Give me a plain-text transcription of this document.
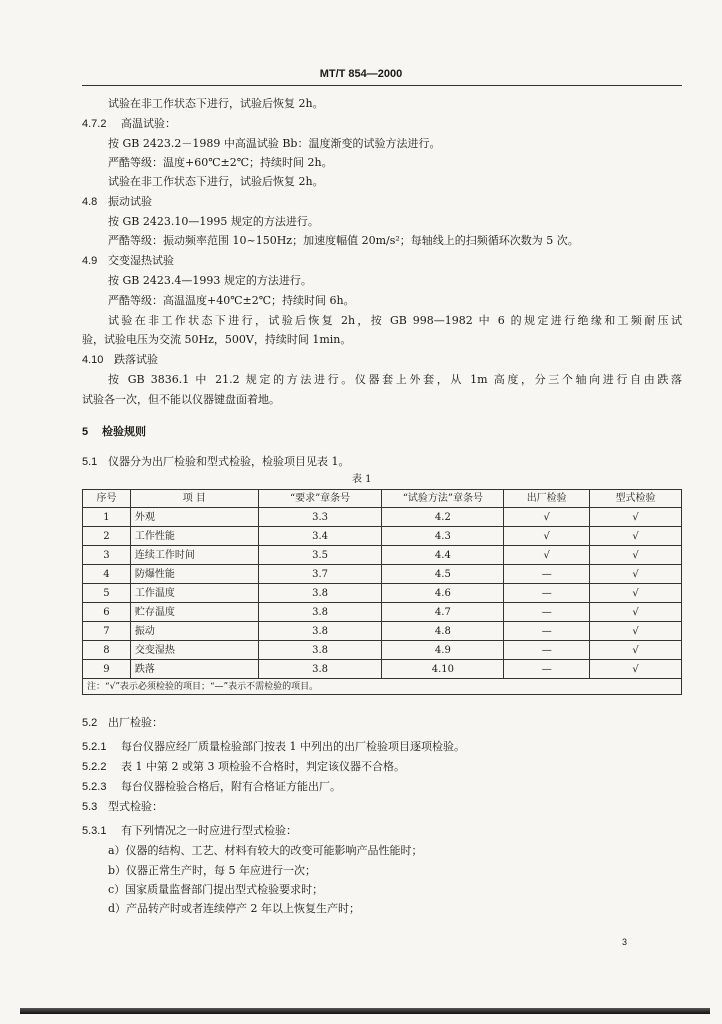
MT/T 854—2000
试验在非工作状态下进行，试验后恢复 2h。
4.7.2 高温试验：
按 GB 2423.2－1989 中高温试验 Bb：温度渐变的试验方法进行。
严酷等级：温度+60℃±2℃；持续时间 2h。
试验在非工作状态下进行，试验后恢复 2h。
4.8 振动试验
按 GB 2423.10—1995 规定的方法进行。
严酷等级：振动频率范围 10~150Hz；加速度幅值 20m/s²；每轴线上的扫频循环次数为 5 次。
4.9 交变湿热试验
按 GB 2423.4—1993 规定的方法进行。
严酷等级：高温温度+40℃±2℃；持续时间 6h。
试验在非工作状态下进行，试验后恢复 2h，按 GB 998—1982 中 6 的规定进行绝缘和工频耐压试
验，试验电压为交流 50Hz，500V，持续时间 1min。
4.10 跌落试验
按 GB 3836.1 中 21.2 规定的方法进行。仪器套上外套，从 1m 高度，分三个轴向进行自由跌落
试验各一次，但不能以仪器键盘面着地。
5 检验规则
5.1 仪器分为出厂检验和型式检验，检验项目见表 1。
表 1
序号	项 目	“要求”章条号	“试验方法”章条号	出厂检验	型式检验
1	外观	3.3	4.2	√	√
2	工作性能	3.4	4.3	√	√
3	连续工作时间	3.5	4.4	√	√
4	防爆性能	3.7	4.5	—	√
5	工作温度	3.8	4.6	—	√
6	贮存温度	3.8	4.7	—	√
7	振动	3.8	4.8	—	√
8	交变湿热	3.8	4.9	—	√
9	跌落	3.8	4.10	—	√
注：“√”表示必须检验的项目；“—”表示不需检验的项目。					
5.2 出厂检验：
5.2.1 每台仪器应经厂质量检验部门按表 1 中列出的出厂检验项目逐项检验。
5.2.2 表 1 中第 2 或第 3 项检验不合格时，判定该仪器不合格。
5.2.3 每台仪器检验合格后，附有合格证方能出厂。
5.3 型式检验：
5.3.1 有下列情况之一时应进行型式检验：
a）仪器的结构、工艺、材料有较大的改变可能影响产品性能时；
b）仪器正常生产时，每 5 年应进行一次；
c）国家质量监督部门提出型式检验要求时；
d）产品转产时或者连续停产 2 年以上恢复生产时；
3
